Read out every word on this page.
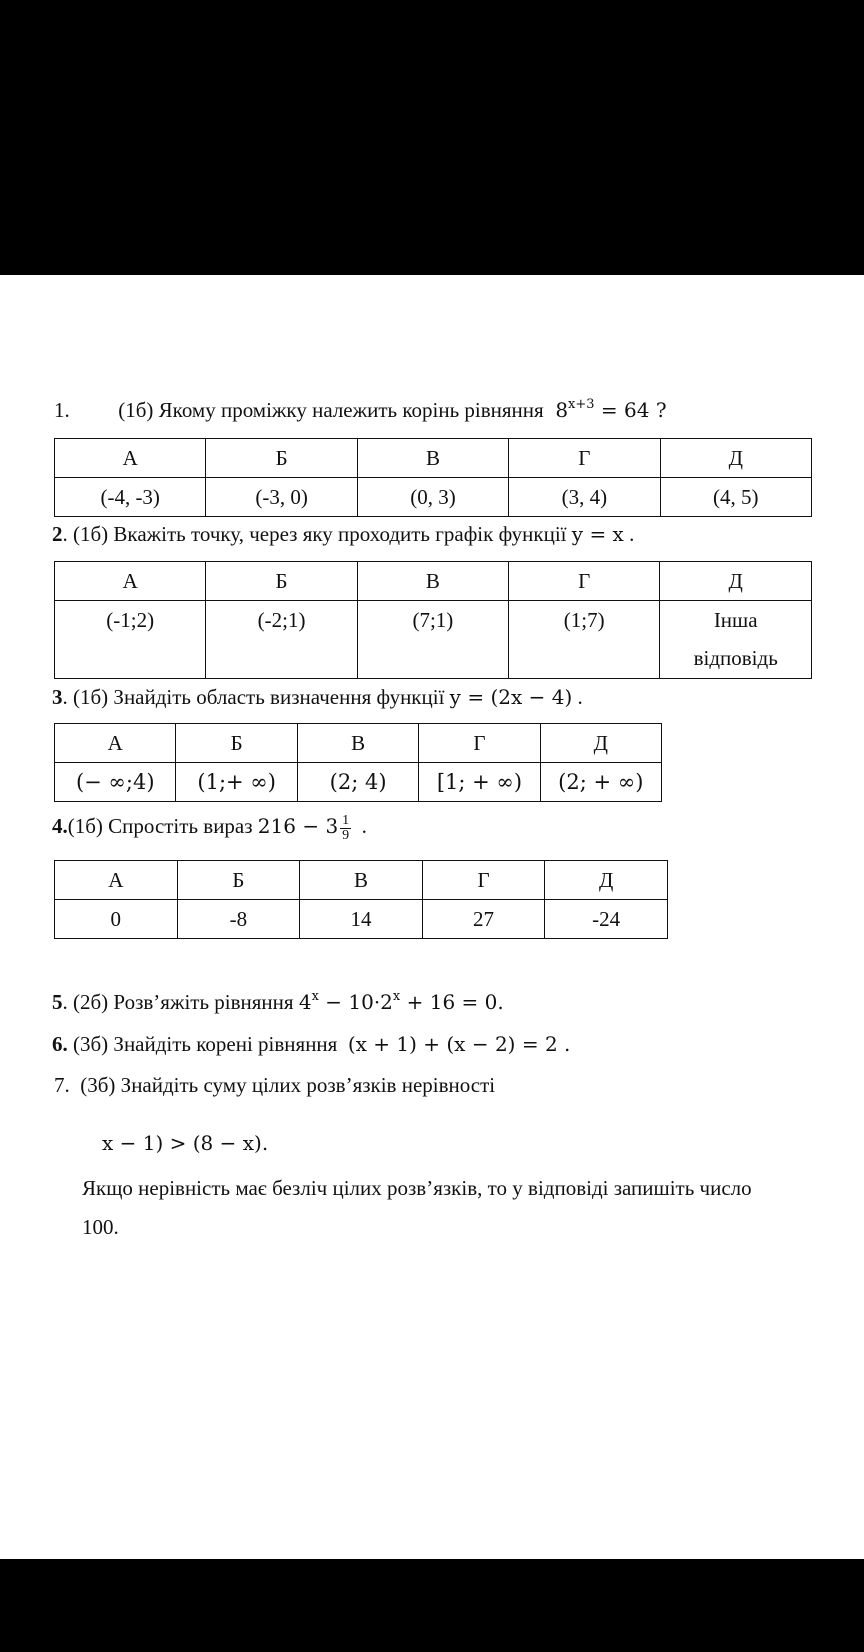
1. (1б) Якому проміжку належить корінь рівняння $8^{x+3} = 64$ ?
А	Б	В	Г	Д
(-4, -3)	(-3, 0)	(0, 3)	(3, 4)	(4, 5)
2. (1б) Вкажіть точку, через яку проходить графік функції y = x .
А	Б	В	Г	Д
(-1;2)	(-2;1)	(7;1)	(1;7)	Інша
відповідь
3. (1б) Знайдіть область визначення функції y = (2x − 4) .
А	Б	В	Г	Д
(− ∞;4)	(1;+ ∞)	(2; 4)	[1; + ∞)	(2; + ∞)
4.(1б) Спростіть вираз $216 - 3 \frac{1}{9}$ .
А	Б	В	Г	Д
0	-8	14	27	-24
5. (2б) Розв’яжіть рівняння $4^x - 10\cdot 2^x + 16 = 0$.
6. (3б) Знайдіть корені рівняння (x + 1) + (x − 2) = 2 .
7. (3б) Знайдіть суму цілих розв’язків нерівності
x − 1) > (8 − x).
Якщо нерівність має безліч цілих розв’язків, то у відповіді запишіть число
100.
